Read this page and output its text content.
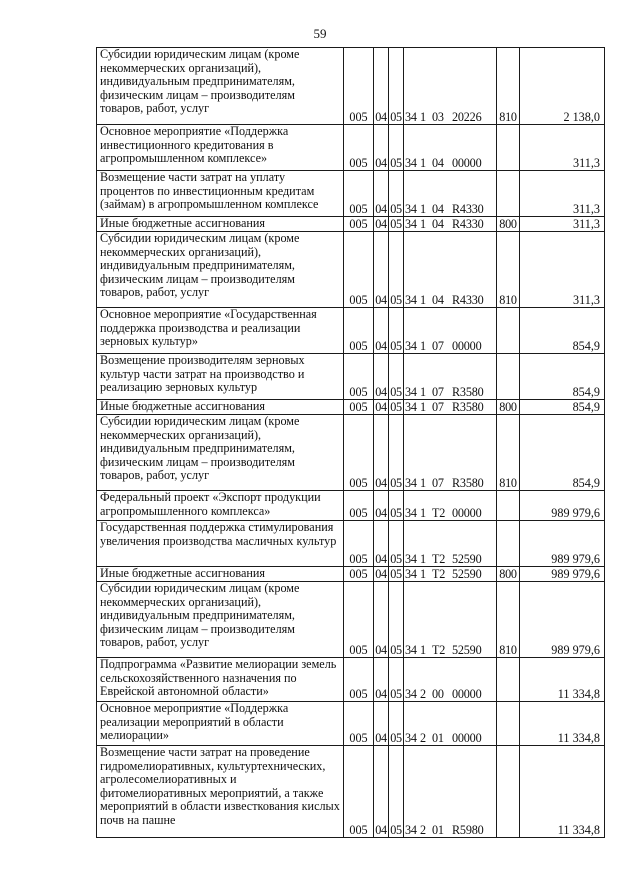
59
Субсидии юридическим лицам (кроме некоммерческих организаций), индивидуальным предпринимателям, физическим лицам – производителям товаров, работ, услуг	005	04	05	34 1 03 20226	810	2 138,0
Основное мероприятие «Поддержка инвестиционного кредитования в агропромышленном комплексе»	005	04	05	34 1 04 00000		311,3
Возмещение части затрат на уплату процентов по инвестиционным кредитам (займам) в агропромышленном комплексе	005	04	05	34 1 04 R4330		311,3
Иные бюджетные ассигнования	005	04	05	34 1 04 R4330	800	311,3
Субсидии юридическим лицам (кроме некоммерческих организаций), индивидуальным предпринимателям, физическим лицам – производителям товаров, работ, услуг	005	04	05	34 1 04 R4330	810	311,3
Основное мероприятие «Государственная поддержка производства и реализации зерновых культур»	005	04	05	34 1 07 00000		854,9
Возмещение производителям зерновых культур части затрат на производство и реализацию зерновых культур	005	04	05	34 1 07 R3580		854,9
Иные бюджетные ассигнования	005	04	05	34 1 07 R3580	800	854,9
Субсидии юридическим лицам (кроме некоммерческих организаций), индивидуальным предпринимателям, физическим лицам – производителям товаров, работ, услуг	005	04	05	34 1 07 R3580	810	854,9
Федеральный проект «Экспорт продукции агропромышленного комплекса»	005	04	05	34 1 T2 00000		989 979,6
Государственная поддержка стимулирования увеличения производства масличных культур	005	04	05	34 1 T2 52590		989 979,6
Иные бюджетные ассигнования	005	04	05	34 1 T2 52590	800	989 979,6
Субсидии юридическим лицам (кроме некоммерческих организаций), индивидуальным предпринимателям, физическим лицам – производителям товаров, работ, услуг	005	04	05	34 1 T2 52590	810	989 979,6
Подпрограмма «Развитие мелиорации земель сельскохозяйственного назначения по Еврейской автономной области»	005	04	05	34 2 00 00000		11 334,8
Основное мероприятие «Поддержка реализации мероприятий в области мелиорации»	005	04	05	34 2 01 00000		11 334,8
Возмещение части затрат на проведение гидромелиоративных, культуртехнических, агролесомелиоративных и фитомелиоративных мероприятий, а также мероприятий в области известкования кислых почв на пашне	005	04	05	34 2 01 R5980		11 334,8
